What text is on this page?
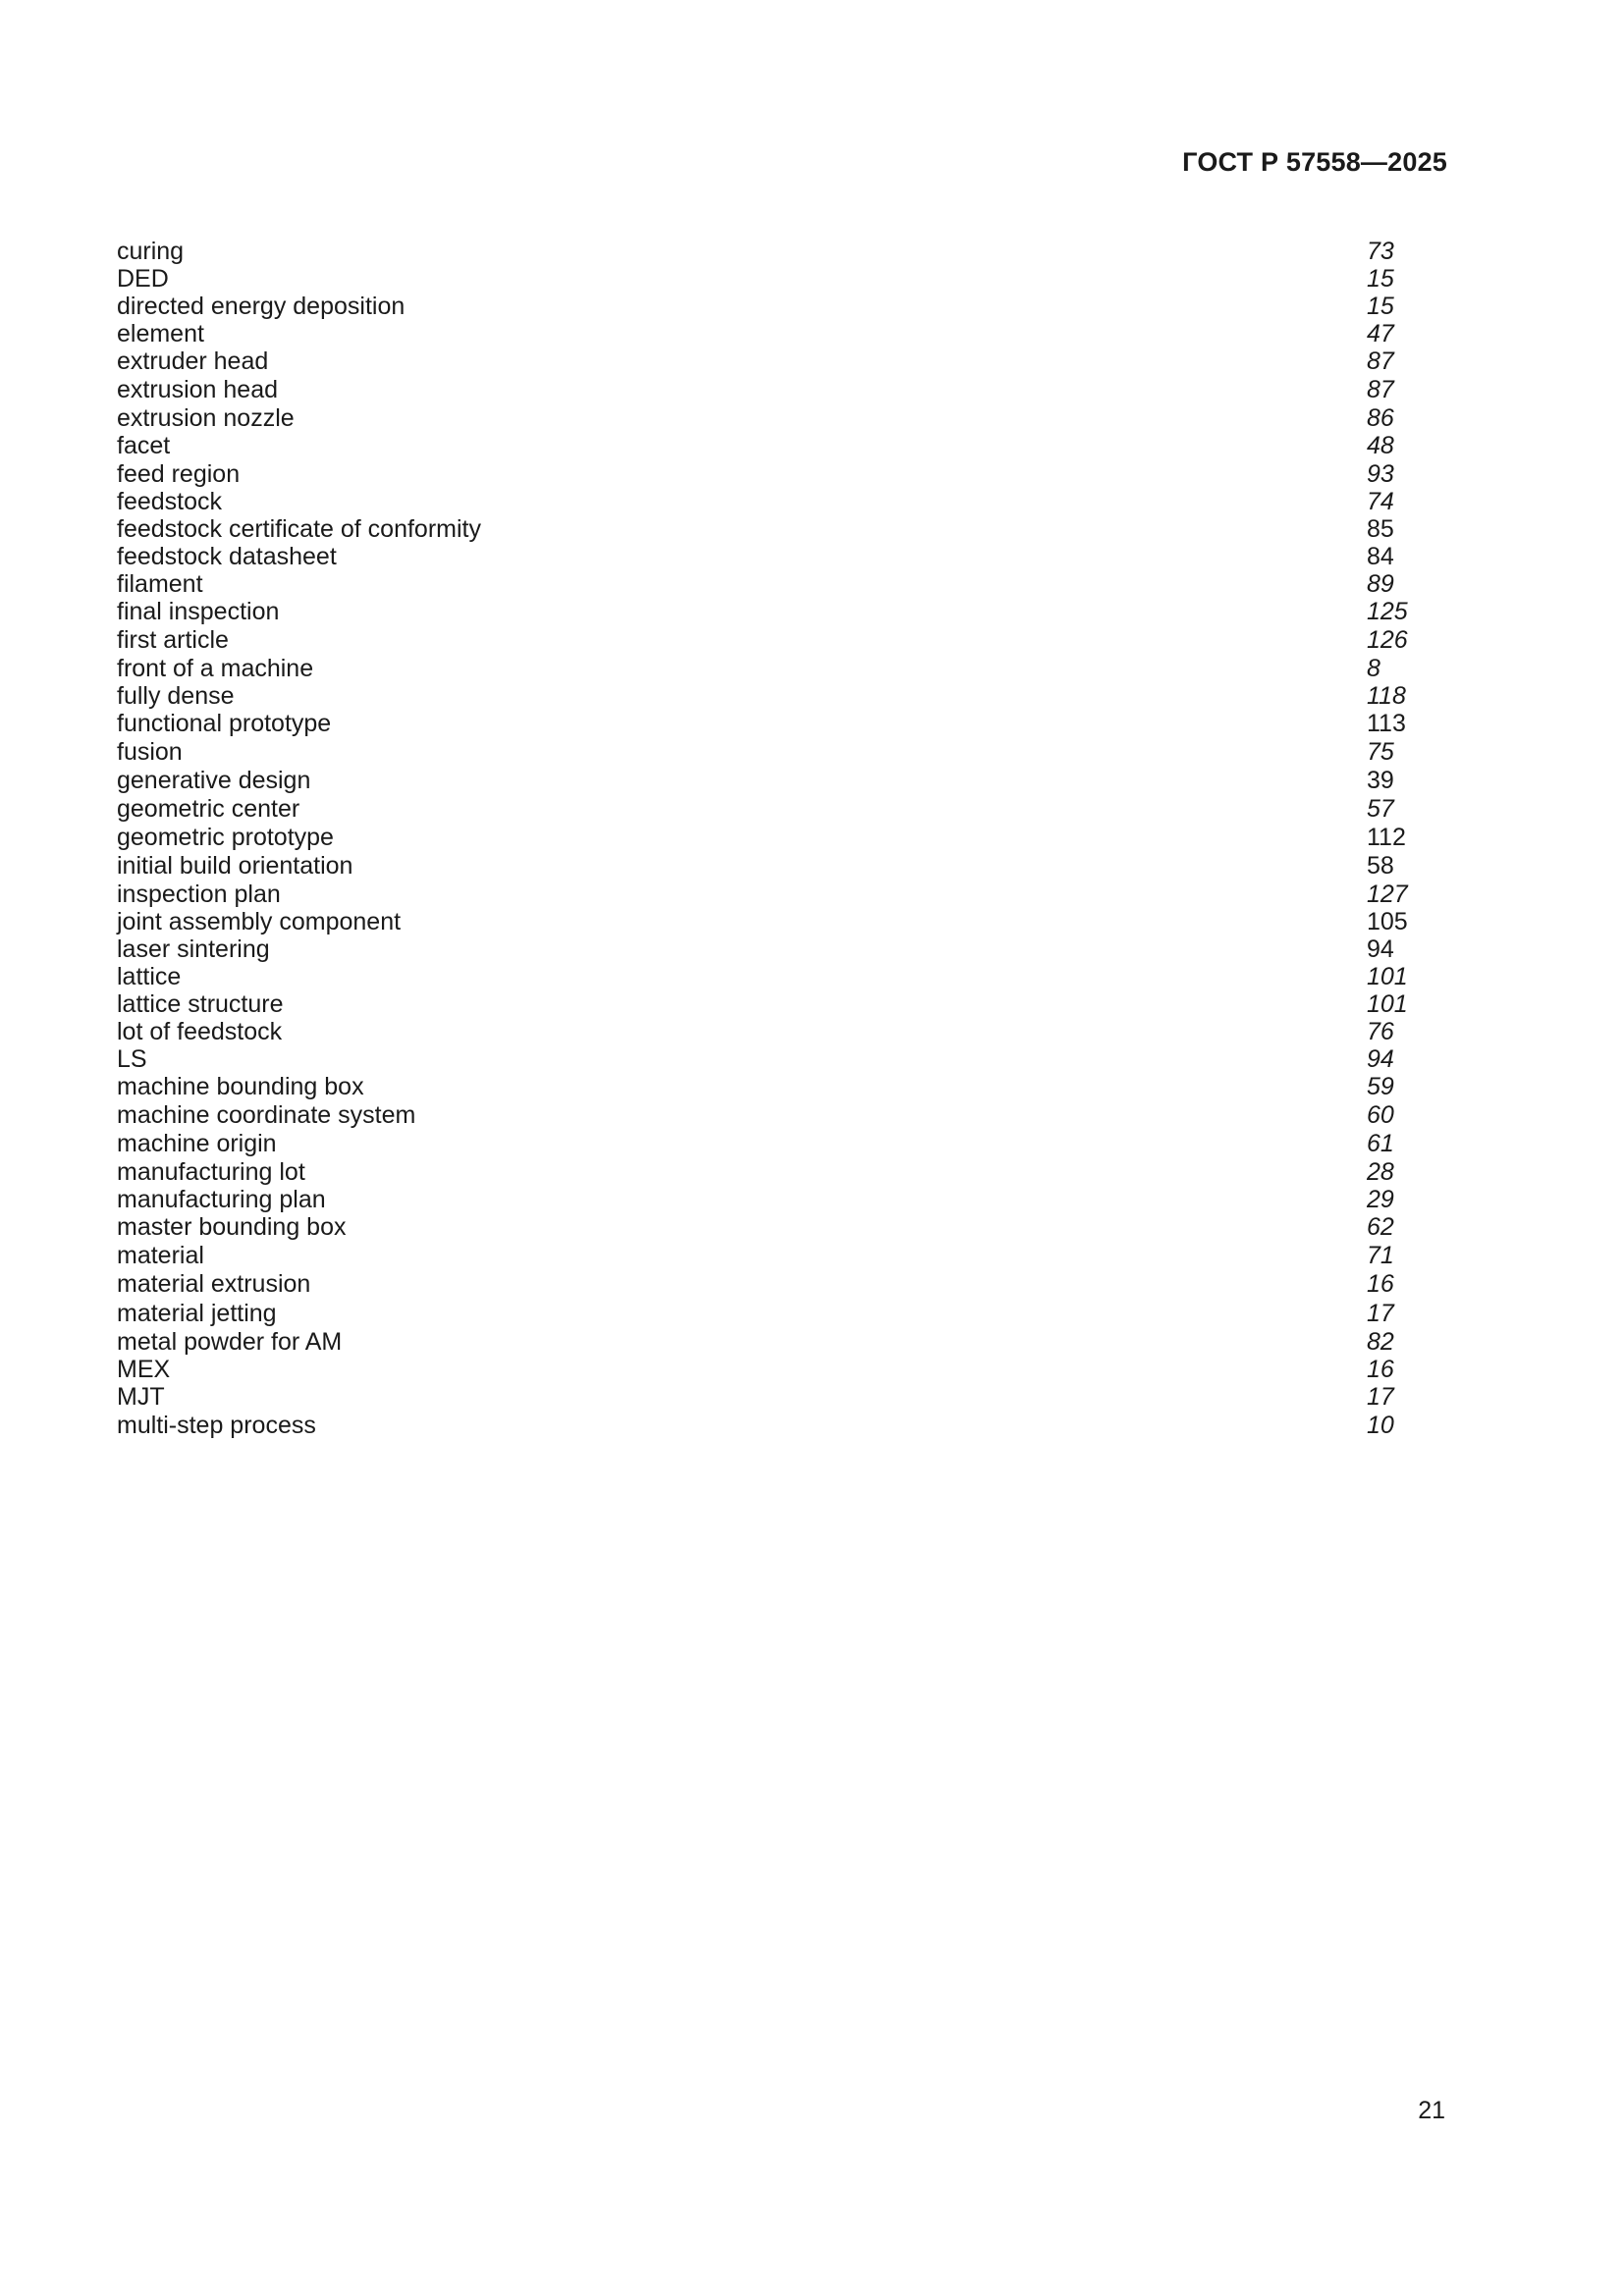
ГОСТ Р 57558—2025
curing	73
DED	15
directed energy deposition	15
element	47
extruder head	87
extrusion head	87
extrusion nozzle	86
facet	48
feed region	93
feedstock	74
feedstock certificate of conformity	85
feedstock datasheet	84
filament	89
final inspection	125
first article	126
front of a machine	8
fully dense	118
functional prototype	113
fusion	75
generative design	39
geometric center	57
geometric prototype	112
initial build orientation	58
inspection plan	127
joint assembly component	105
laser sintering	94
lattice	101
lattice structure	101
lot of feedstock	76
LS	94
machine bounding box	59
machine coordinate system	60
machine origin	61
manufacturing lot	28
manufacturing plan	29
master bounding box	62
material	71
material extrusion	16
material jetting	17
metal powder for AM	82
MEX	16
MJT	17
multi-step process	10
21
